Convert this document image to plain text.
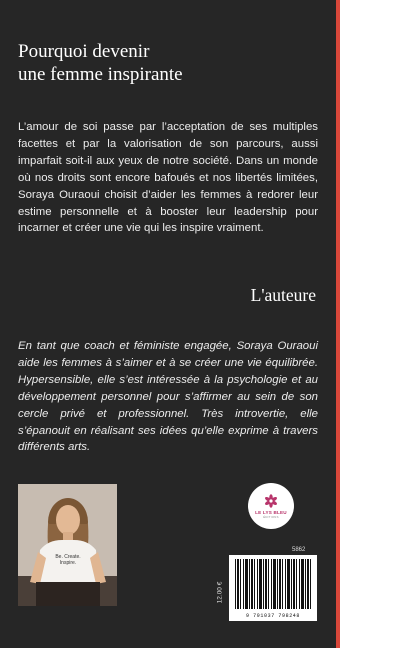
Pourquoi devenir
une femme inspirante

L’amour de soi passe par l’acceptation de ses multiples facettes et par la valorisation de son parcours, aussi imparfait soit-il aux yeux de notre société. Dans un monde où nos droits sont encore bafoués et nos libertés limitées, Soraya Ouraoui choisit d’aider les femmes à redorer leur estime personnelle et à booster leur leadership pour incarner et créer une vie qui les inspire vraiment.

L'auteure

En tant que coach et féministe engagée, Soraya Ouraoui aide les femmes à s’aimer et à se créer une vie équilibrée. Hypersensible, elle s’est intéressée à la psychologie et au développement personnel pour s’affirmer au sein de son cercle privé et professionnel. Très introvertie, elle s’épanouit en réalisant ses idées qu’elle exprime à travers différents arts.

Be. Create.
Inspire.
LE LYS BLEU
ÉDITIONS
5862
12.00 €
9 791037 798248
